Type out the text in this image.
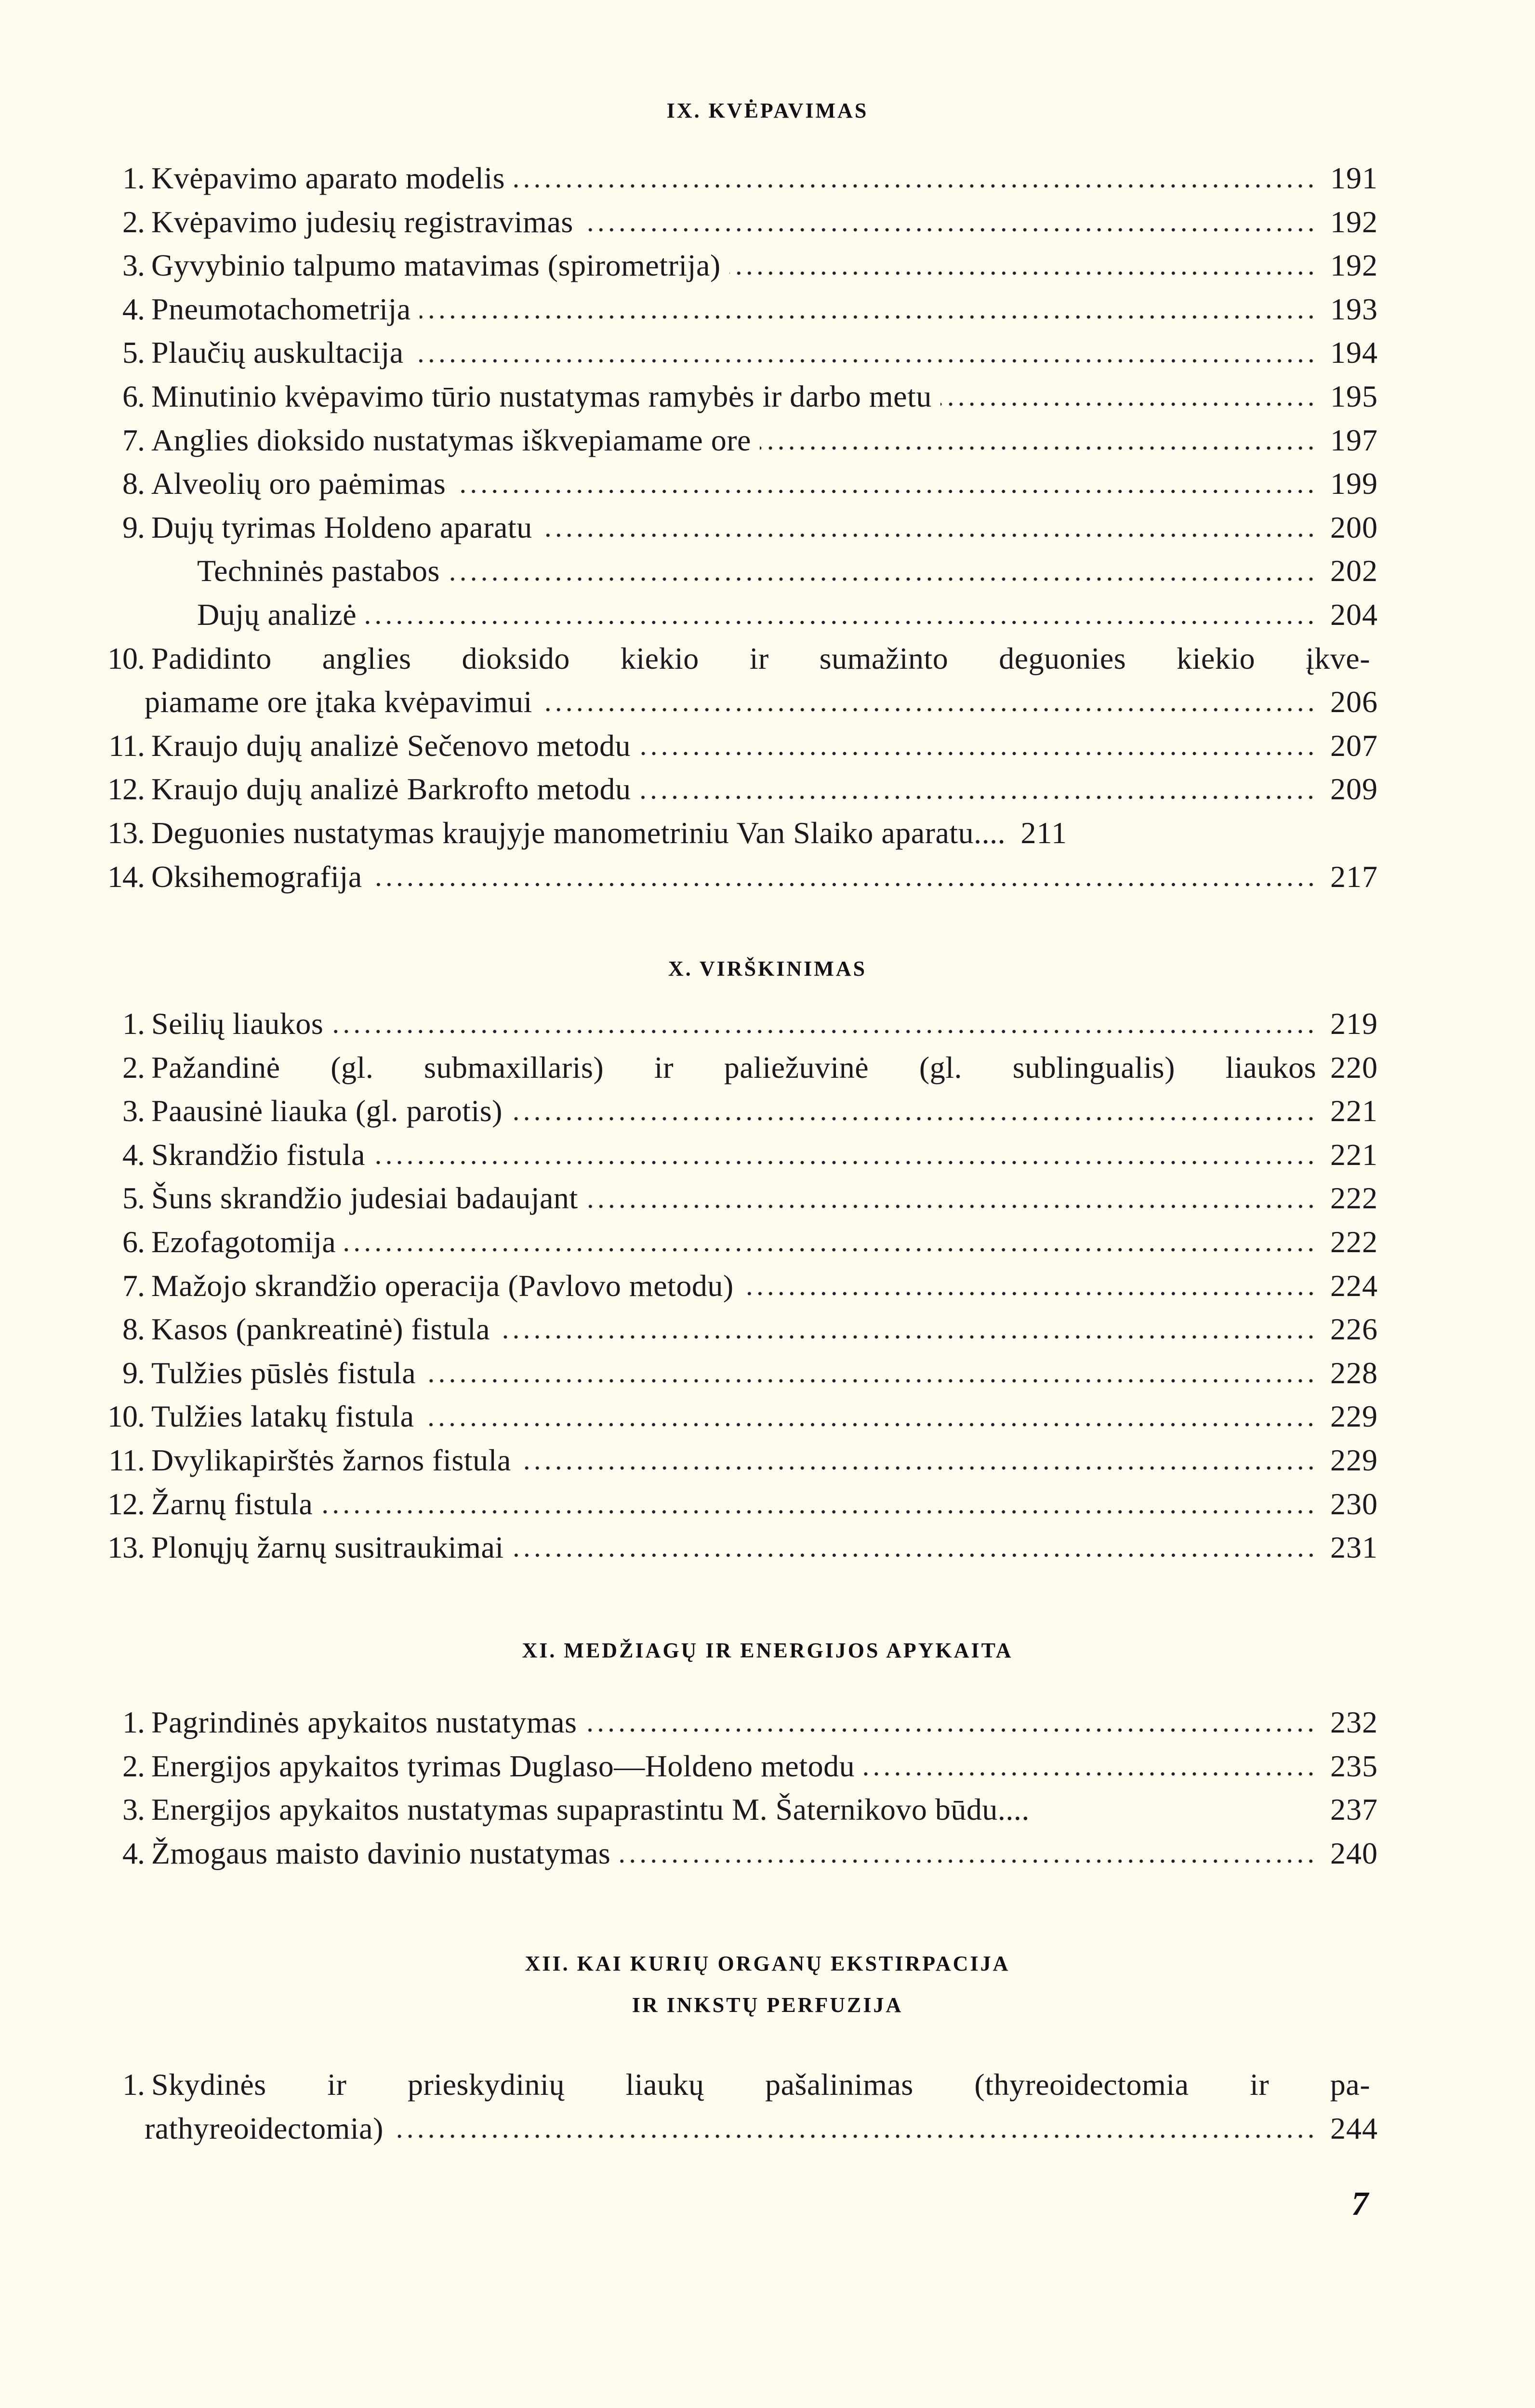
IX. KVĖPAVIMAS
1. Kvėpavimo aparato modelis	191
2. Kvėpavimo judesių registravimas	192
3. Gyvybinio talpumo matavimas (spirometrija)	192
4. Pneumotachometrija	193
5. Plaučių auskultacija	194
6. Minutinio kvėpavimo tūrio nustatymas ramybės ir darbo metu	195
7. Anglies dioksido nustatymas iškvepiamame ore	197
8. Alveolių oro paėmimas	199
9. Dujų tyrimas Holdeno aparatu	200
Techninės pastabos	202
Dujų analizė	204
10. Padidinto anglies dioksido kiekio ir sumažinto deguonies kiekio įkve-
piamame ore įtaka kvėpavimui	206
11. Kraujo dujų analizė Sečenovo metodu	207
12. Kraujo dujų analizė Barkrofto metodu	209
13. Deguonies nustatymas kraujyje manometriniu Van Slaiko aparatu.... 211
14. Oksihemografija	217
X. VIRŠKINIMAS
1. Seilių liaukos	219
2. Pažandinė (gl. submaxillaris) ir paliežuvinė (gl. sublingualis) liaukos 220
3. Paausinė liauka (gl. parotis)	221
4. Skrandžio fistula	221
5. Šuns skrandžio judesiai badaujant	222
6. Ezofagotomija	222
7. Mažojo skrandžio operacija (Pavlovo metodu)	224
8. Kasos (pankreatinė) fistula	226
9. Tulžies pūslės fistula	228
10. Tulžies latakų fistula	229
11. Dvylikapirštės žarnos fistula	229
12. Žarnų fistula	230
13. Plonųjų žarnų susitraukimai	231
XI. MEDŽIAGŲ IR ENERGIJOS APYKAITA
1. Pagrindinės apykaitos nustatymas	232
2. Energijos apykaitos tyrimas Duglaso—Holdeno metodu	235
3. Energijos apykaitos nustatymas supaprastintu M. Šaternikovo būdu....	237
4. Žmogaus maisto davinio nustatymas	240
XII. KAI KURIŲ ORGANŲ EKSTIRPACIJA
IR INKSTŲ PERFUZIJA
1. Skydinės ir prieskydinių liaukų pašalinimas (thyreoidectomia ir pa-
rathyreoidectomia)	244
7
